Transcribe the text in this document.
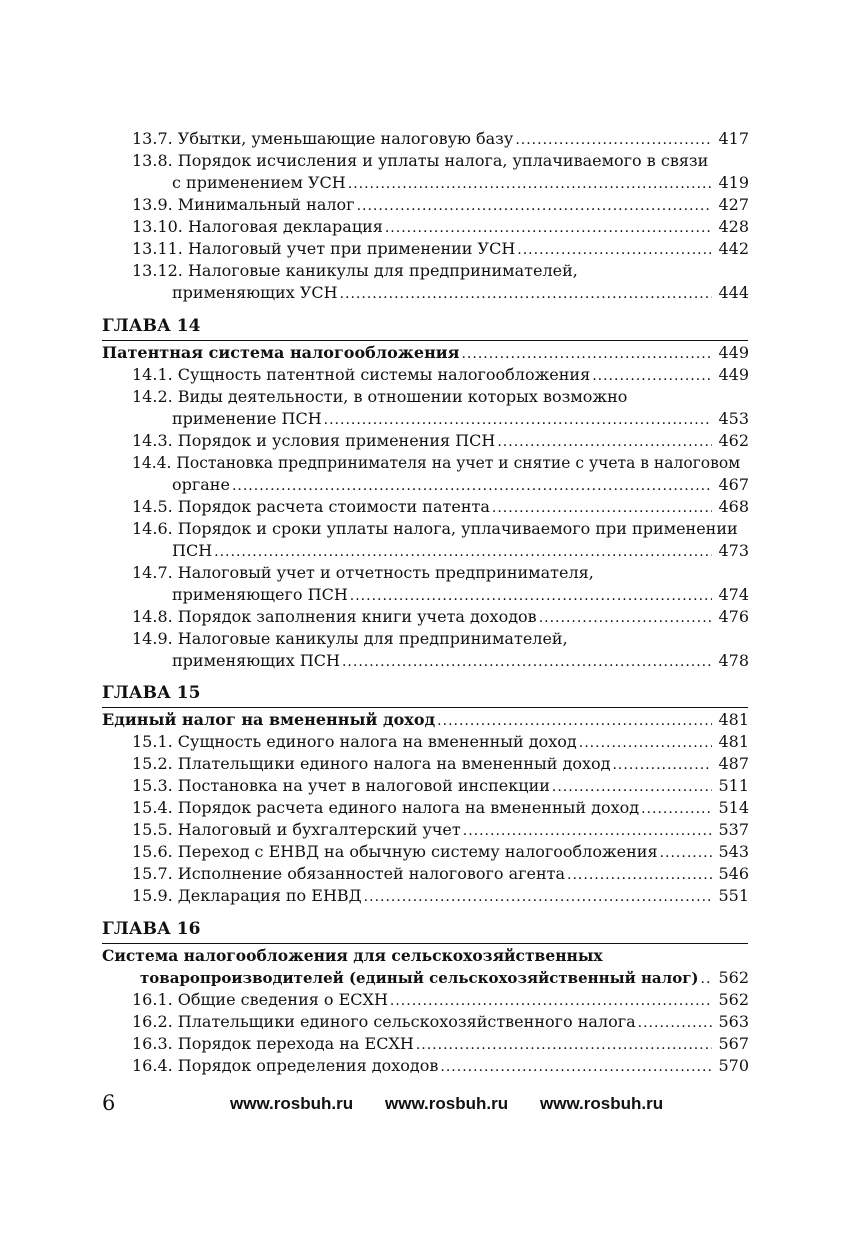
13.7. Убытки, уменьшающие налоговую базу .....	417
13.8. Порядок исчисления и уплаты налога, уплачиваемого в связи
с применением УСН .....	419
13.9. Минимальный налог .....	427
13.10. Налоговая декларация .....	428
13.11. Налоговый учет при применении УСН .....	442
13.12. Налоговые каникулы для предпринимателей,
применяющих УСН .....	444
ГЛАВА 14
Патентная система налогообложения .....	449
14.1. Сущность патентной системы налогообложения .....	449
14.2. Виды деятельности, в отношении которых возможно
применение ПСН .....	453
14.3. Порядок и условия применения ПСН .....	462
14.4. Постановка предпринимателя на учет и снятие с учета в налоговом
органе .....	467
14.5. Порядок расчета стоимости патента .....	468
14.6. Порядок и сроки уплаты налога, уплачиваемого при применении
ПСН .....	473
14.7. Налоговый учет и отчетность предпринимателя,
применяющего ПСН .....	474
14.8. Порядок заполнения книги учета доходов .....	476
14.9. Налоговые каникулы для предпринимателей,
применяющих ПСН .....	478
ГЛАВА 15
Единый налог на вмененный доход .....	481
15.1. Сущность единого налога на вмененный доход .....	481
15.2. Плательщики единого налога на вмененный доход .....	487
15.3. Постановка на учет в налоговой инспекции .....	511
15.4. Порядок расчета единого налога на вмененный доход .....	514
15.5. Налоговый и бухгалтерский учет .....	537
15.6. Переход с ЕНВД на обычную систему налогообложения .....	543
15.7. Исполнение обязанностей налогового агента .....	546
15.9. Декларация по ЕНВД .....	551
ГЛАВА 16
Система налогообложения для сельскохозяйственных
товаропроизводителей (единый сельскохозяйственный налог) ..... 562
16.1. Общие сведения о ЕСХН .....	562
16.2. Плательщики единого сельскохозяйственного налога .....	563
16.3. Порядок перехода на ЕСХН .....	567
16.4. Порядок определения доходов .....	570
6	www.rosbuh.ru www.rosbuh.ru www.rosbuh.ru
